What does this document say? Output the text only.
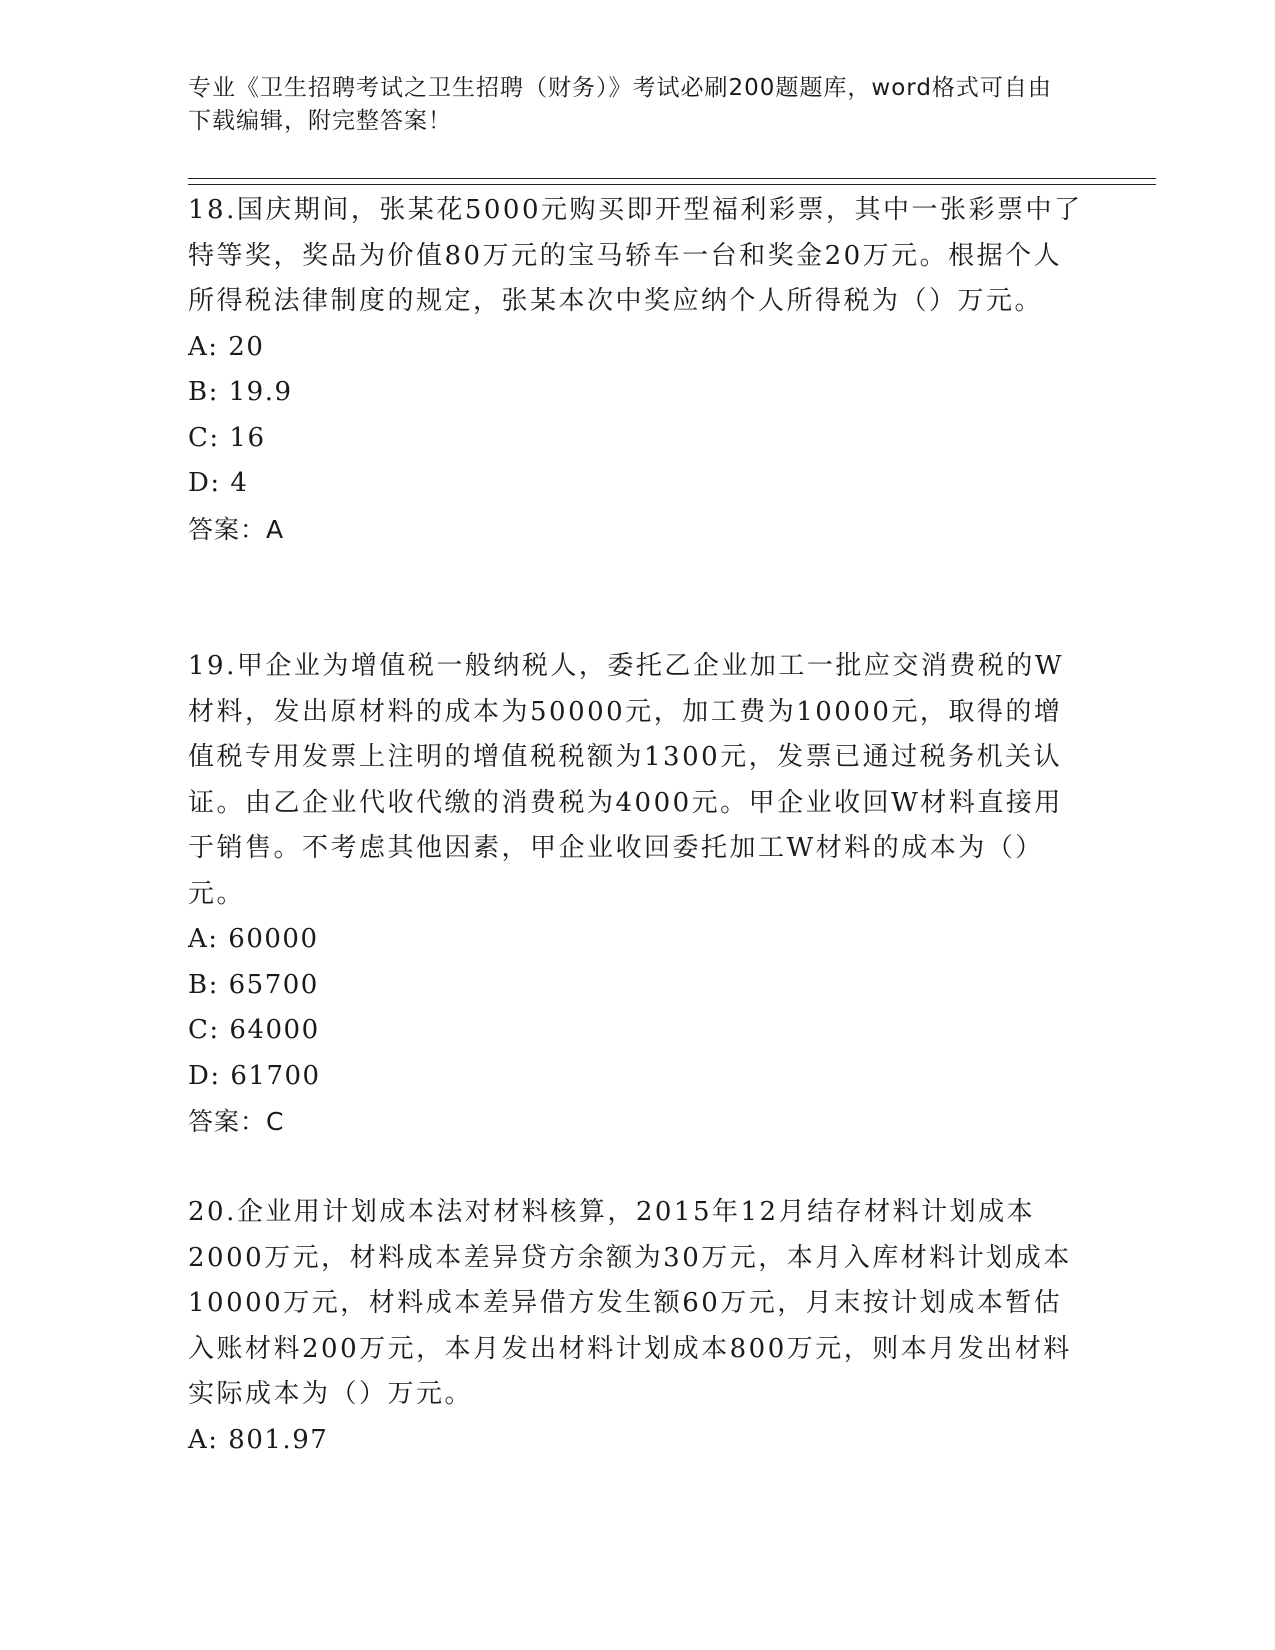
专业《卫生招聘考试之卫生招聘（财务）》考试必刷200题题库，word格式可自由下载编辑，附完整答案！

18.国庆期间，张某花5000元购买即开型福利彩票，其中一张彩票中了特等奖，奖品为价值80万元的宝马轿车一台和奖金20万元。根据个人所得税法律制度的规定，张某本次中奖应纳个人所得税为（）万元。

A: 20

B: 19.9

C: 16

D: 4

答案：A

19.甲企业为增值税一般纳税人，委托乙企业加工一批应交消费税的W材料，发出原材料的成本为50000元，加工费为10000元，取得的增值税专用发票上注明的增值税税额为1300元，发票已通过税务机关认证。由乙企业代收代缴的消费税为4000元。甲企业收回W材料直接用于销售。不考虑其他因素，甲企业收回委托加工W材料的成本为（）元。

A: 60000

B: 65700

C: 64000

D: 61700

答案：C

20.企业用计划成本法对材料核算，2015年12月结存材料计划成本2000万元，材料成本差异贷方余额为30万元，本月入库材料计划成本10000万元，材料成本差异借方发生额60万元，月末按计划成本暂估入账材料200万元，本月发出材料计划成本800万元，则本月发出材料实际成本为（）万元。

A: 801.97
